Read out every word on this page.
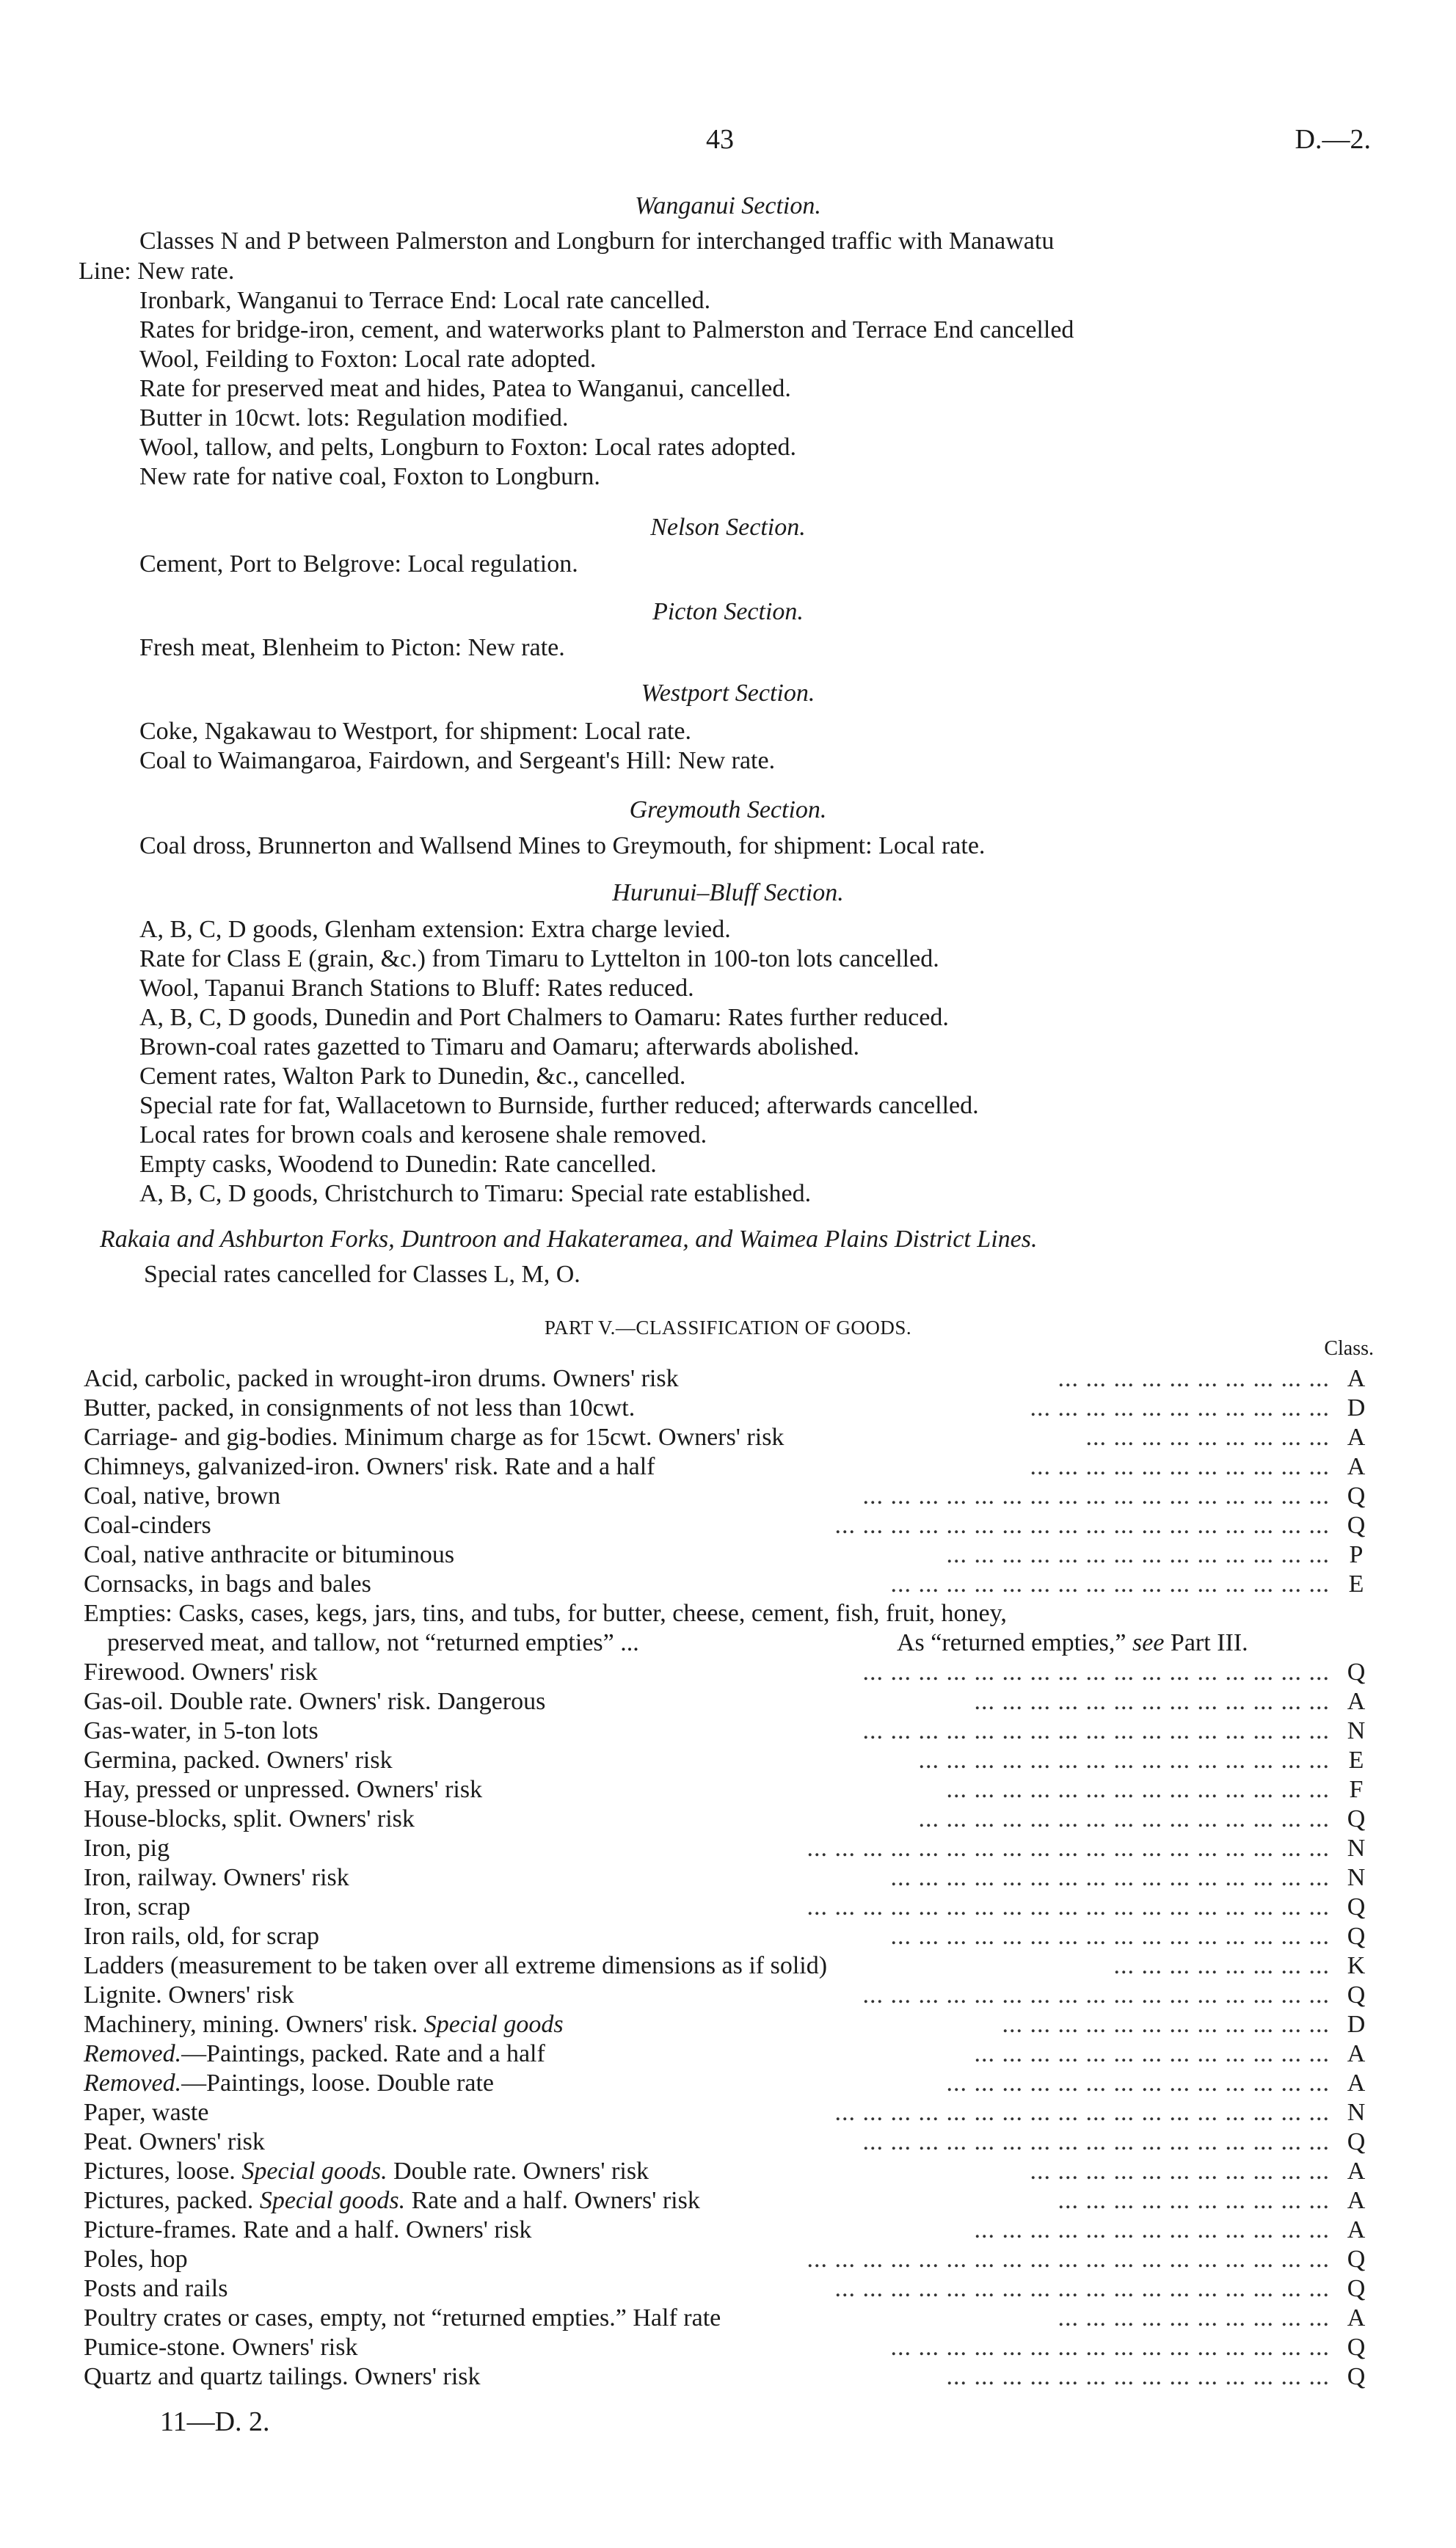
43	D.—2.
Wanganui Section.
Classes N and P between Palmerston and Longburn for interchanged traffic with Manawatu
Line: New rate.
Ironbark, Wanganui to Terrace End: Local rate cancelled.
Rates for bridge-iron, cement, and waterworks plant to Palmerston and Terrace End cancelled
Wool, Feilding to Foxton: Local rate adopted.
Rate for preserved meat and hides, Patea to Wanganui, cancelled.
Butter in 10cwt. lots: Regulation modified.
Wool, tallow, and pelts, Longburn to Foxton: Local rates adopted.
New rate for native coal, Foxton to Longburn.
Nelson Section.
Cement, Port to Belgrove: Local regulation.
Picton Section.
Fresh meat, Blenheim to Picton: New rate.
Westport Section.
Coke, Ngakawau to Westport, for shipment: Local rate.
Coal to Waimangaroa, Fairdown, and Sergeant's Hill: New rate.
Greymouth Section.
Coal dross, Brunnerton and Wallsend Mines to Greymouth, for shipment: Local rate.
Hurunui–Bluff Section.
A, B, C, D goods, Glenham extension: Extra charge levied.
Rate for Class E (grain, &c.) from Timaru to Lyttelton in 100-ton lots cancelled.
Wool, Tapanui Branch Stations to Bluff: Rates reduced.
A, B, C, D goods, Dunedin and Port Chalmers to Oamaru: Rates further reduced.
Brown-coal rates gazetted to Timaru and Oamaru; afterwards abolished.
Cement rates, Walton Park to Dunedin, &c., cancelled.
Special rate for fat, Wallacetown to Burnside, further reduced; afterwards cancelled.
Local rates for brown coals and kerosene shale removed.
Empty casks, Woodend to Dunedin: Rate cancelled.
A, B, C, D goods, Christchurch to Timaru: Special rate established.
Rakaia and Ashburton Forks, Duntroon and Hakateramea, and Waimea Plains District Lines.
Special rates cancelled for Classes L, M, O.
PART V.—CLASSIFICATION OF GOODS.
Class.
Acid, carbolic, packed in wrought-iron drums. Owners' risk	A
... ... ... ... ... ... ... ... ... ...
Butter, packed, in consignments of not less than 10cwt.	D
... ... ... ... ... ... ... ... ... ... ...
Carriage- and gig-bodies. Minimum charge as for 15cwt. Owners' risk	A
... ... ... ... ... ... ... ... ...
Chimneys, galvanized-iron. Owners' risk. Rate and a half	A
... ... ... ... ... ... ... ... ... ... ...
Coal, native, brown	Q
... ... ... ... ... ... ... ... ... ... ... ... ... ... ... ... ...
Coal-cinders	Q
... ... ... ... ... ... ... ... ... ... ... ... ... ... ... ... ... ...
Coal, native anthracite or bituminous	P
... ... ... ... ... ... ... ... ... ... ... ... ... ...
Cornsacks, in bags and bales	E
... ... ... ... ... ... ... ... ... ... ... ... ... ... ... ...
Empties: Casks, cases, kegs, jars, tins, and tubs, for butter, cheese, cement, fish, fruit, honey,
preserved meat, and tallow, not “returned empties” ...	As “returned empties,” see Part III.
Firewood. Owners' risk	Q
... ... ... ... ... ... ... ... ... ... ... ... ... ... ... ... ...
Gas-oil. Double rate. Owners' risk. Dangerous	A
... ... ... ... ... ... ... ... ... ... ... ... ...
Gas-water, in 5-ton lots	N
... ... ... ... ... ... ... ... ... ... ... ... ... ... ... ... ...
Germina, packed. Owners' risk	E
... ... ... ... ... ... ... ... ... ... ... ... ... ... ...
Hay, pressed or unpressed. Owners' risk	F
... ... ... ... ... ... ... ... ... ... ... ... ... ...
House-blocks, split. Owners' risk	Q
... ... ... ... ... ... ... ... ... ... ... ... ... ... ...
Iron, pig	N
... ... ... ... ... ... ... ... ... ... ... ... ... ... ... ... ... ... ...
Iron, railway. Owners' risk	N
... ... ... ... ... ... ... ... ... ... ... ... ... ... ... ...
Iron, scrap	Q
... ... ... ... ... ... ... ... ... ... ... ... ... ... ... ... ... ... ...
Iron rails, old, for scrap	Q
... ... ... ... ... ... ... ... ... ... ... ... ... ... ... ...
Ladders (measurement to be taken over all extreme dimensions as if solid)	K
... ... ... ... ... ... ... ...
Lignite. Owners' risk	Q
... ... ... ... ... ... ... ... ... ... ... ... ... ... ... ... ...
Machinery, mining. Owners' risk. Special goods	D
... ... ... ... ... ... ... ... ... ... ... ...
Removed.—Paintings, packed. Rate and a half	A
... ... ... ... ... ... ... ... ... ... ... ... ...
Removed.—Paintings, loose. Double rate	A
... ... ... ... ... ... ... ... ... ... ... ... ... ...
Paper, waste	N
... ... ... ... ... ... ... ... ... ... ... ... ... ... ... ... ... ...
Peat. Owners' risk	Q
... ... ... ... ... ... ... ... ... ... ... ... ... ... ... ... ...
Pictures, loose. Special goods. Double rate. Owners' risk	A
... ... ... ... ... ... ... ... ... ... ...
Pictures, packed. Special goods. Rate and a half. Owners' risk	A
... ... ... ... ... ... ... ... ... ...
Picture-frames. Rate and a half. Owners' risk	A
... ... ... ... ... ... ... ... ... ... ... ... ...
Poles, hop	Q
... ... ... ... ... ... ... ... ... ... ... ... ... ... ... ... ... ... ...
Posts and rails	Q
... ... ... ... ... ... ... ... ... ... ... ... ... ... ... ... ... ...
Poultry crates or cases, empty, not “returned empties.” Half rate	A
... ... ... ... ... ... ... ... ... ...
Pumice-stone. Owners' risk	Q
... ... ... ... ... ... ... ... ... ... ... ... ... ... ... ...
Quartz and quartz tailings. Owners' risk	Q
... ... ... ... ... ... ... ... ... ... ... ... ... ...
11—D. 2.
